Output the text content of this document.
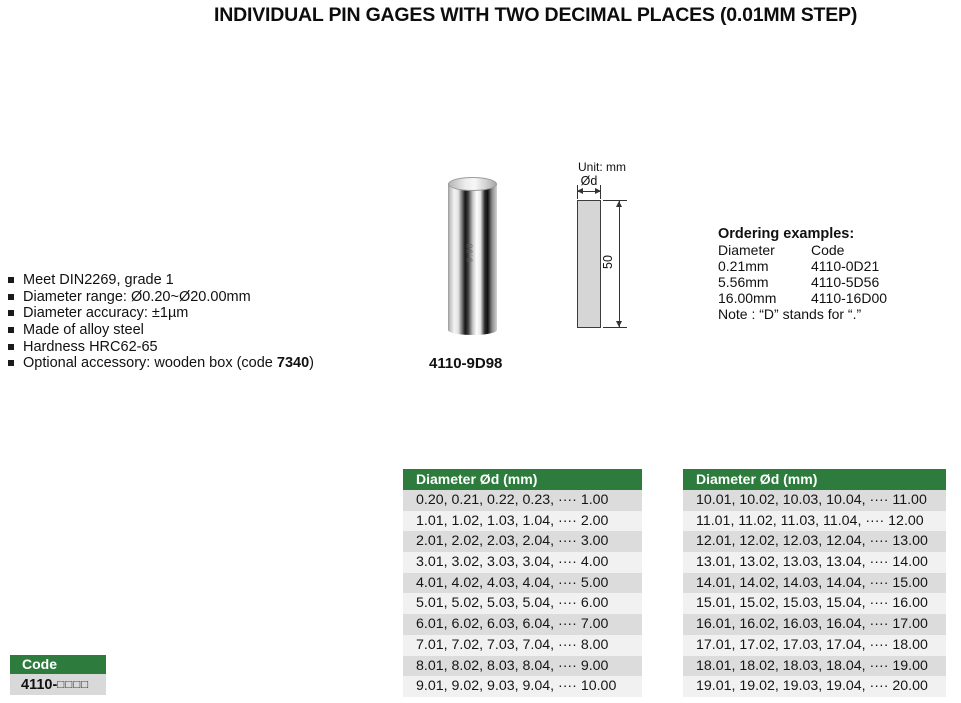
INDIVIDUAL PIN GAGES WITH TWO DECIMAL PLACES (0.01MM STEP)
Meet DIN2269, grade 1
Diameter range: Ø0.20~Ø20.00mm
Diameter accuracy: ±1µm
Made of alloy steel
Hardness HRC62-65
Optional accessory: wooden box (code 7340)
9.98
4110-9D98
Unit: mm
Ød
50
Ordering examples:
Diameter	Code
0.21mm	4110-0D21
5.56mm	4110-5D56
16.00mm 4110-16D00
Note : “D” stands for “.”
Diameter Ød (mm)
0.20, 0.21, 0.22, 0.23, ···· 1.00
1.01, 1.02, 1.03, 1.04, ···· 2.00
2.01, 2.02, 2.03, 2.04, ···· 3.00
3.01, 3.02, 3.03, 3.04, ···· 4.00
4.01, 4.02, 4.03, 4.04, ···· 5.00
5.01, 5.02, 5.03, 5.04, ···· 6.00
6.01, 6.02, 6.03, 6.04, ···· 7.00
7.01, 7.02, 7.03, 7.04, ···· 8.00
8.01, 8.02, 8.03, 8.04, ···· 9.00
9.01, 9.02, 9.03, 9.04, ···· 10.00
Diameter Ød (mm)
10.01, 10.02, 10.03, 10.04, ···· 11.00
11.01, 11.02, 11.03, 11.04, ···· 12.00
12.01, 12.02, 12.03, 12.04, ···· 13.00
13.01, 13.02, 13.03, 13.04, ···· 14.00
14.01, 14.02, 14.03, 14.04, ···· 15.00
15.01, 15.02, 15.03, 15.04, ···· 16.00
16.01, 16.02, 16.03, 16.04, ···· 17.00
17.01, 17.02, 17.03, 17.04, ···· 18.00
18.01, 18.02, 18.03, 18.04, ···· 19.00
19.01, 19.02, 19.03, 19.04, ···· 20.00
Code
4110-□□□□
